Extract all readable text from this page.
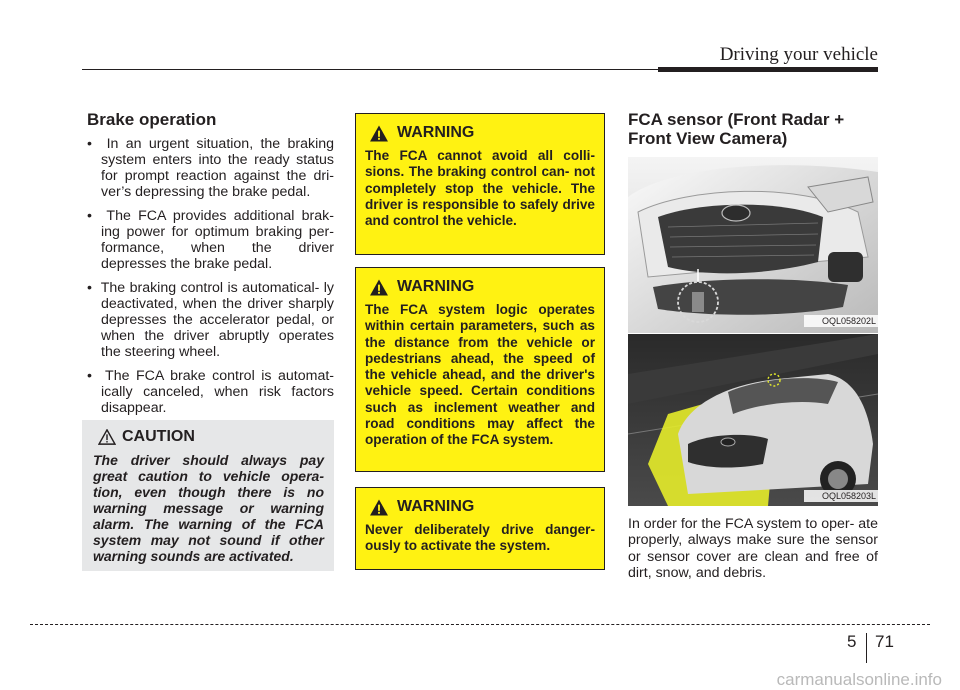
Driving your vehicle
Brake operation
•  In an urgent situation, the braking system enters into the ready status for prompt reaction against the dri- ver’s depressing the brake pedal.
•  The FCA provides additional brak- ing power for optimum braking per- formance, when the driver depresses the brake pedal.
•  The braking control is automatical- ly deactivated, when the driver sharply depresses the accelerator pedal, or when the driver abruptly operates the steering wheel.
•  The FCA brake control is automat- ically canceled, when risk factors disappear.
CAUTION
The driver should always pay great caution to vehicle opera- tion, even though there is no warning message or warning alarm. The warning of the FCA system may not sound if other warning sounds are activated.
WARNING
The FCA cannot avoid all colli- sions. The braking control can- not completely stop the vehicle. The driver is responsible to safely drive and control the vehicle.
WARNING
The FCA system logic operates within certain parameters, such as the distance from the vehicle or pedestrians ahead, the speed of the vehicle ahead, and the driver's vehicle speed. Certain conditions such as inclement weather and road conditions may affect the operation of the FCA system.
WARNING
Never deliberately drive danger- ously to activate the system.
FCA sensor (Front Radar +
Front View Camera)
OQL058202L
OQL058203L
In order for the FCA system to oper- ate properly, always make sure the sensor or sensor cover are clean and free of dirt, snow, and debris.
5 71
carmanualsonline.info
